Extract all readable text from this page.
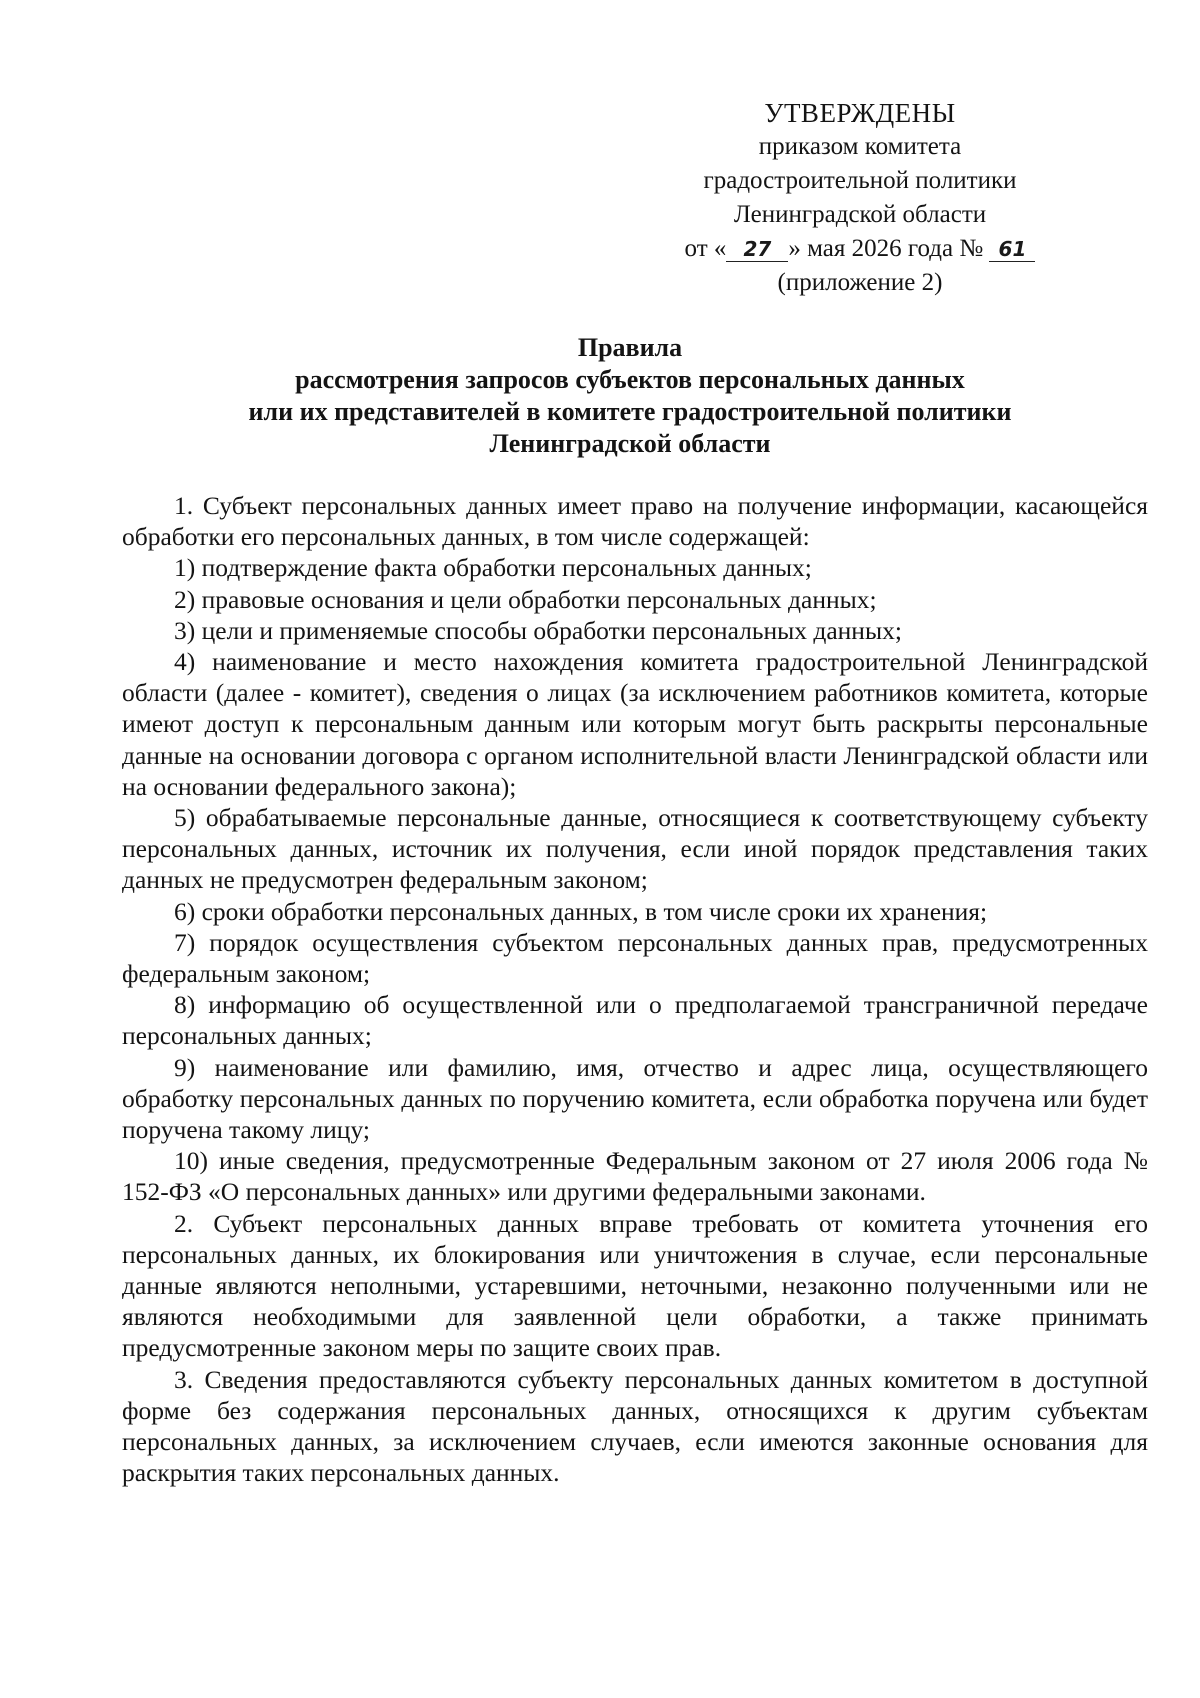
УТВЕРЖДЕНЫ
приказом комитета
градостроительной политики
Ленинградской области
от « 27 » мая 2026 года № 61
(приложение 2)
Правила
рассмотрения запросов субъектов персональных данных
или их представителей в комитете градостроительной политики
Ленинградской области

1. Субъект персональных данных имеет право на получение информации, касающейся обработки его персональных данных, в том числе содержащей:

1) подтверждение факта обработки персональных данных;

2) правовые основания и цели обработки персональных данных;

3) цели и применяемые способы обработки персональных данных;

4) наименование и место нахождения комитета градостроительной Ленинградской области (далее - комитет), сведения о лицах (за исключением работников комитета, которые имеют доступ к персональным данным или которым могут быть раскрыты персональные данные на основании договора с органом исполнительной власти Ленинградской области или на основании федерального закона);

5) обрабатываемые персональные данные, относящиеся к соответствующему субъекту персональных данных, источник их получения, если иной порядок представления таких данных не предусмотрен федеральным законом;

6) сроки обработки персональных данных, в том числе сроки их хранения;

7) порядок осуществления субъектом персональных данных прав, предусмотренных федеральным законом;

8) информацию об осуществленной или о предполагаемой трансграничной передаче персональных данных;

9) наименование или фамилию, имя, отчество и адрес лица, осуществляющего обработку персональных данных по поручению комитета, если обработка поручена или будет поручена такому лицу;

10) иные сведения, предусмотренные Федеральным законом от 27 июля 2006 года № 152-ФЗ «О персональных данных» или другими федеральными законами.

2. Субъект персональных данных вправе требовать от комитета уточнения его персональных данных, их блокирования или уничтожения в случае, если персональные данные являются неполными, устаревшими, неточными, незаконно полученными или не являются необходимыми для заявленной цели обработки, а также принимать предусмотренные законом меры по защите своих прав.

3. Сведения предоставляются субъекту персональных данных комитетом в доступной форме без содержания персональных данных, относящихся к другим субъектам персональных данных, за исключением случаев, если имеются законные основания для раскрытия таких персональных данных.
